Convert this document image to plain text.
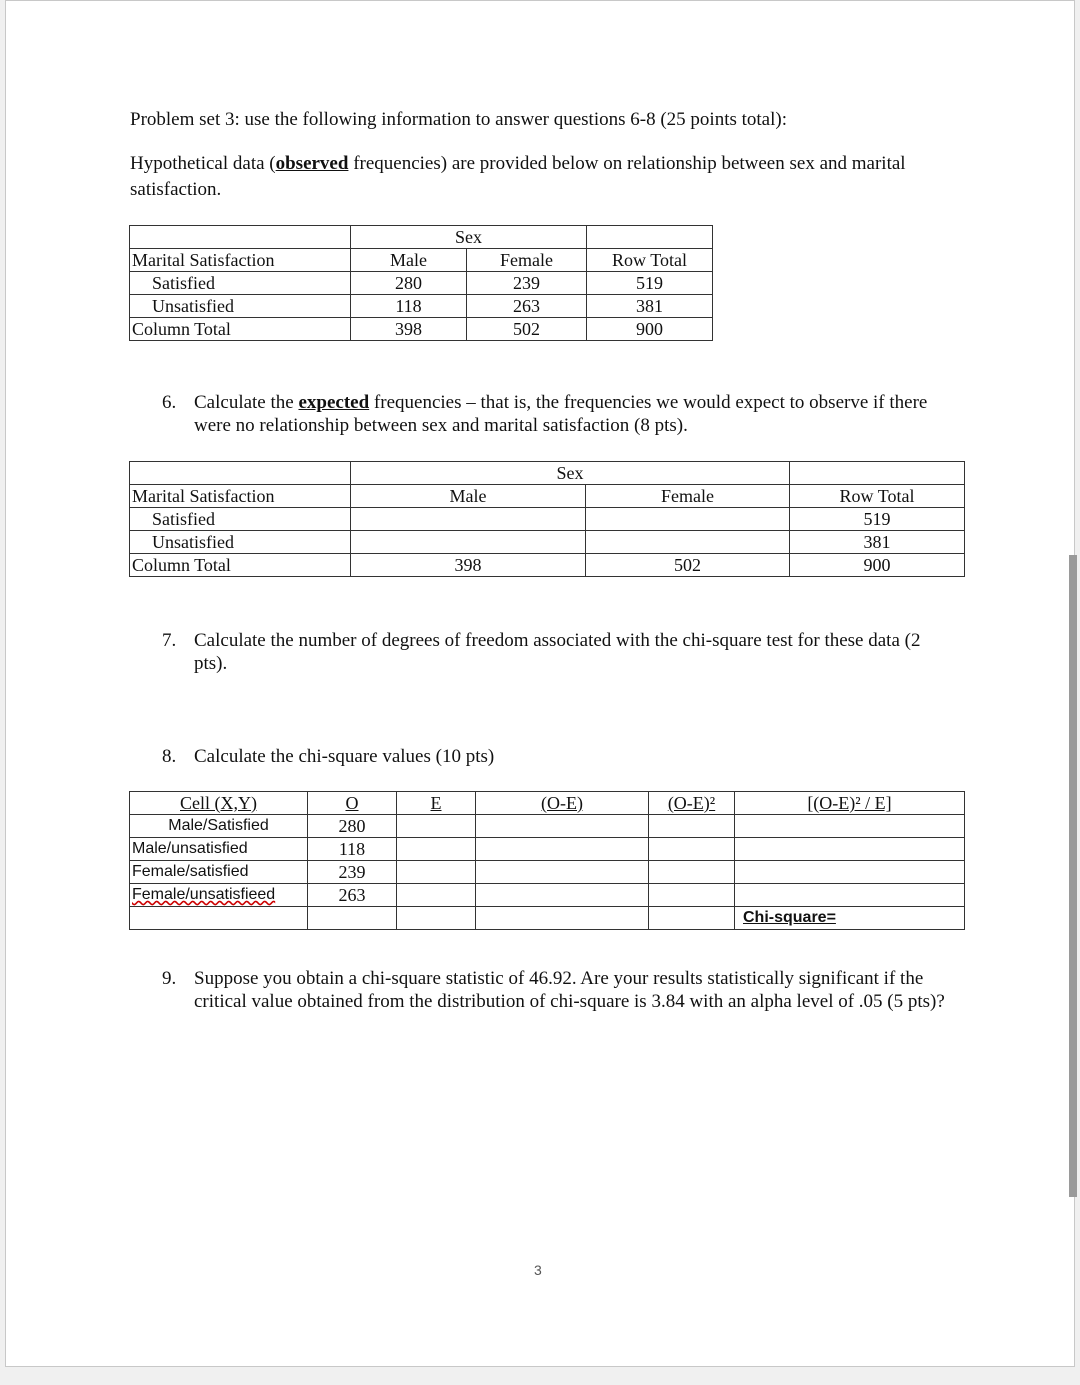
Problem set 3: use the following information to answer questions 6-8 (25 points total):
Hypothetical data (observed frequencies) are provided below on relationship between sex and marital satisfaction.
	Sex		
Marital Satisfaction	Male	Female	Row Total
Satisfied	280	239	519
Unsatisfied	118	263	381
Column Total	398	502	900
6. Calculate the expected frequencies – that is, the frequencies we would expect to observe if there were no relationship between sex and marital satisfaction (8 pts).
	Sex		
Marital Satisfaction	Male	Female	Row Total
Satisfied			519
Unsatisfied			381
Column Total	398	502	900
7. Calculate the number of degrees of freedom associated with the chi-square test for these data (2 pts).
8. Calculate the chi-square values (10 pts)
Cell (X,Y)	O	E	(O-E)	(O-E)²	[(O-E)² / E]
Male/Satisfied	280				
Male/unsatisfied	118				
Female/satisfied	239				
Female/unsatisfieed	263				
					Chi-square=
9. Suppose you obtain a chi-square statistic of 46.92. Are your results statistically significant if the critical value obtained from the distribution of chi-square is 3.84 with an alpha level of .05 (5 pts)?
3
